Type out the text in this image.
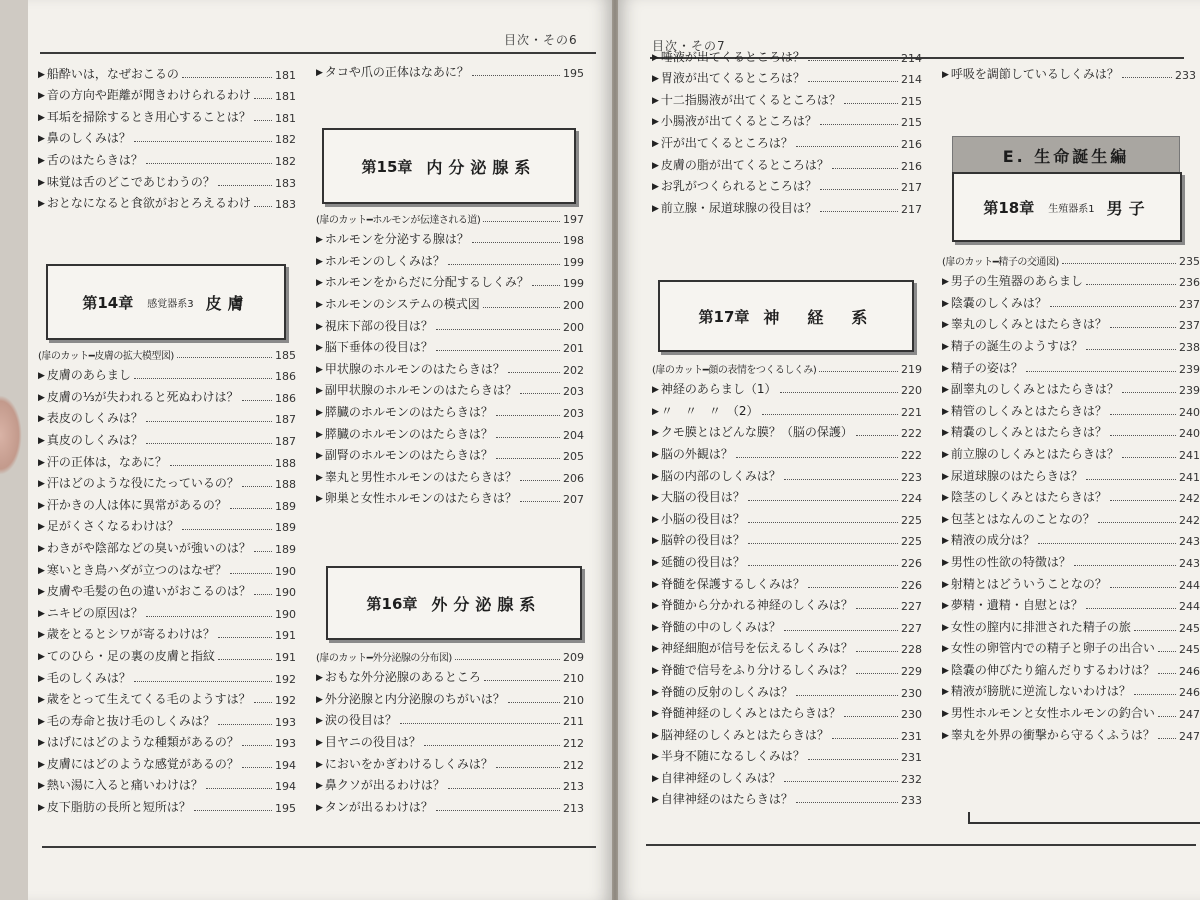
目次・その6
▶ 船酔いは，なぜおこるの	181
▶ 音の方向や距離が聞きわけられるわけ 181
▶ 耳垢を掃除するとき用心することは？ 181
▶ 鼻のしくみは？	182
▶ 舌のはたらきは？	182
▶ 味覚は舌のどこであじわうの？	183
▶ おとなになると食欲がおとろえるわけ 183
第14章 感覚器系3 皮膚
(扉のカット━皮膚の拡大模型図)	185
▶ 皮膚のあらまし	186
▶ 皮膚の⅓が失われると死ぬわけは？	186
▶ 表皮のしくみは？	187
▶ 真皮のしくみは？	187
▶ 汗の正体は，なあに？	188
▶ 汗はどのような役にたっているの？	188
▶ 汗かきの人は体に異常があるの？	189
▶ 足がくさくなるわけは？	189
▶ わきがや陰部などの臭いが強いのは？ 189
▶ 寒いとき鳥ハダが立つのはなぜ？	190
▶ 皮膚や毛髪の色の違いがおこるのは？ 190
▶ ニキビの原因は？	190
▶ 歳をとるとシワが寄るわけは？	191
▶ てのひら・足の裏の皮膚と指紋	191
▶ 毛のしくみは？	192
▶ 歳をとって生えてくる毛のようすは？ 192
▶ 毛の寿命と抜け毛のしくみは？	193
▶ はげにはどのような種類があるの？	193
▶ 皮膚にはどのような感覚があるの？	194
▶ 熱い湯に入ると痛いわけは？	194
▶ 皮下脂肪の長所と短所は？	195
▶ タコや爪の正体はなあに？	195
第15章 内分泌腺系
(扉のカット━ホルモンが伝達される道)	197
▶ ホルモンを分泌する腺は？	198
▶ ホルモンのしくみは？	199
▶ ホルモンをからだに分配するしくみ？	199
▶ ホルモンのシステムの模式図	200
▶ 視床下部の役目は？	200
▶ 脳下垂体の役目は？	201
▶ 甲状腺のホルモンのはたらきは？	202
▶ 副甲状腺のホルモンのはたらきは？	203
▶ 膵臓のホルモンのはたらきは？	203
▶ 膵臓のホルモンのはたらきは？	204
▶ 副腎のホルモンのはたらきは？	205
▶ 睾丸と男性ホルモンのはたらきは？	206
▶ 卵巣と女性ホルモンのはたらきは？	207
第16章 外分泌腺系
(扉のカット━外分泌腺の分布図)	209
▶ おもな外分泌腺のあるところ	210
▶ 外分泌腺と内分泌腺のちがいは？	210
▶ 涙の役目は？	211
▶ 目ヤニの役目は？	212
▶ においをかぎわけるしくみは？	212
▶ 鼻クソが出るわけは？	213
▶ タンが出るわけは？	213
目次・その7
▶ 唾液が出てくるところは？	214
▶ 胃液が出てくるところは？	214
▶ 十二指腸液が出てくるところは？	215
▶ 小腸液が出てくるところは？	215
▶ 汗が出てくるところは？	216
▶ 皮膚の脂が出てくるところは？	216
▶ お乳がつくられるところは？	217
▶ 前立腺・尿道球腺の役目は？	217
第17章 神　経　系
(扉のカット━顔の表情をつくるしくみ)	219
▶ 神経のあらまし（1）	220
▶ 〃　〃　〃　（2）	221
▶ クモ膜とはどんな膜？（脳の保護）	222
▶ 脳の外観は？	222
▶ 脳の内部のしくみは？	223
▶ 大脳の役目は？	224
▶ 小脳の役目は？	225
▶ 脳幹の役目は？	225
▶ 延髄の役目は？	226
▶ 脊髄を保護するしくみは？	226
▶ 脊髄から分かれる神経のしくみは？	227
▶ 脊髄の中のしくみは？	227
▶ 神経細胞が信号を伝えるしくみは？	228
▶ 脊髄で信号をふり分けるしくみは？	229
▶ 脊髄の反射のしくみは？	230
▶ 脊髄神経のしくみとはたらきは？	230
▶ 脳神経のしくみとはたらきは？	231
▶ 半身不随になるしくみは？	231
▶ 自律神経のしくみは？	232
▶ 自律神経のはたらきは？	233
▶ 呼吸を調節しているしくみは？	233
E. 生命誕生編
第18章 生殖器系1 男子
(扉のカット━精子の交通図)	235
▶ 男子の生殖器のあらまし	236
▶ 陰嚢のしくみは？	237
▶ 睾丸のしくみとはたらきは？	237
▶ 精子の誕生のようすは？	238
▶ 精子の姿は？	239
▶ 副睾丸のしくみとはたらきは？	239
▶ 精管のしくみとはたらきは？	240
▶ 精嚢のしくみとはたらきは？	240
▶ 前立腺のしくみとはたらきは？	241
▶ 尿道球腺のはたらきは？	241
▶ 陰茎のしくみとはたらきは？	242
▶ 包茎とはなんのことなの？	242
▶ 精液の成分は？	243
▶ 男性の性欲の特徴は？	243
▶ 射精とはどういうことなの？	244
▶ 夢精・遺精・自慰とは？	244
▶ 女性の膣内に排泄された精子の旅	245
▶ 女性の卵管内での精子と卵子の出合い 245
▶ 陰嚢の伸びたり縮んだりするわけは？ 246
▶ 精液が膀胱に逆流しないわけは？	246
▶ 男性ホルモンと女性ホルモンの釣合い 247
▶ 睾丸を外界の衝撃から守るくふうは？ 247
